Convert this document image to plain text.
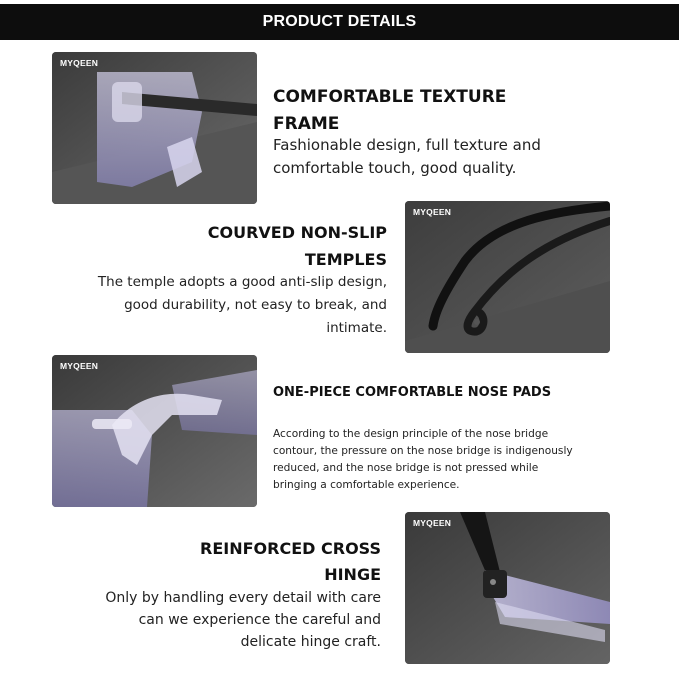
PRODUCT DETAILS
MYQEEN
COMFORTABLE TEXTURE FRAME
Fashionable design, full texture and comfortable touch, good quality.
COURVED NON-SLIP TEMPLES
The temple adopts a good anti-slip design, good durability, not easy to break, and intimate.
MYQEEN
MYQEEN
ONE-PIECE COMFORTABLE NOSE PADS
According to the design principle of the nose bridge contour, the pressure on the nose bridge is indigenously reduced, and the nose bridge is not pressed while bringing a comfortable experience.
REINFORCED CROSS HINGE
Only by handling every detail with care can we experience the careful and delicate hinge craft.
MYQEEN
